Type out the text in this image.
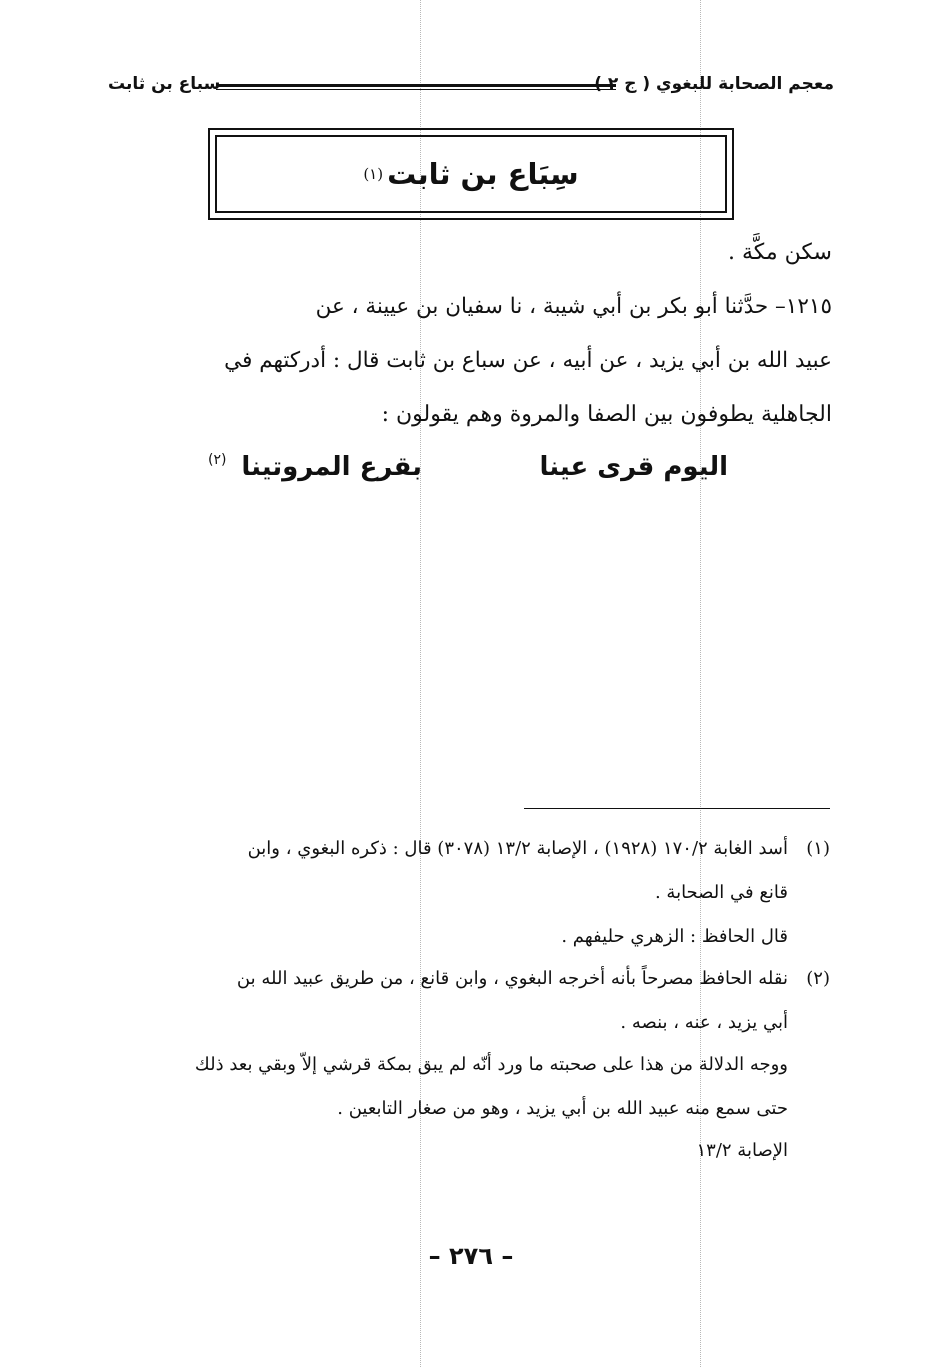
معجم الصحابة للبغوي ( ج ٢ )
سباع بن ثابت
سِبَاع بن ثابت
(١)
سكن مكَّة .
١٢١٥– حدَّثنا أبو بكر بن أبي شيبة ، نا سفيان بن عيينة ، عن
عبيد الله بن أبي يزيد ، عن أبيه ، عن سباع بن ثابت قال : أدركتهم في
الجاهلية يطوفون بين الصفا والمروة وهم يقولون :
اليوم قرى عينا
بقرع المروتينا
(٢)
(١)
أسد الغابة ١٧٠/٢ (١٩٢٨) ، الإصابة ١٣/٢ (٣٠٧٨) قال : ذكره البغوي ، وابن
قانع في الصحابة .
قال الحافظ : الزهري حليفهم .
(٢)
نقله الحافظ مصرحاً بأنه أخرجه البغوي ، وابن قانع ، من طريق عبيد الله بن
أبي يزيد ، عنه ، بنصه .
ووجه الدلالة من هذا على صحبته ما ورد أنّه لم يبق بمكة قرشي إلاّ وبقي بعد ذلك
حتى سمع منه عبيد الله بن أبي يزيد ، وهو من صغار التابعين .
الإصابة ١٣/٢
– ٢٧٦ –
